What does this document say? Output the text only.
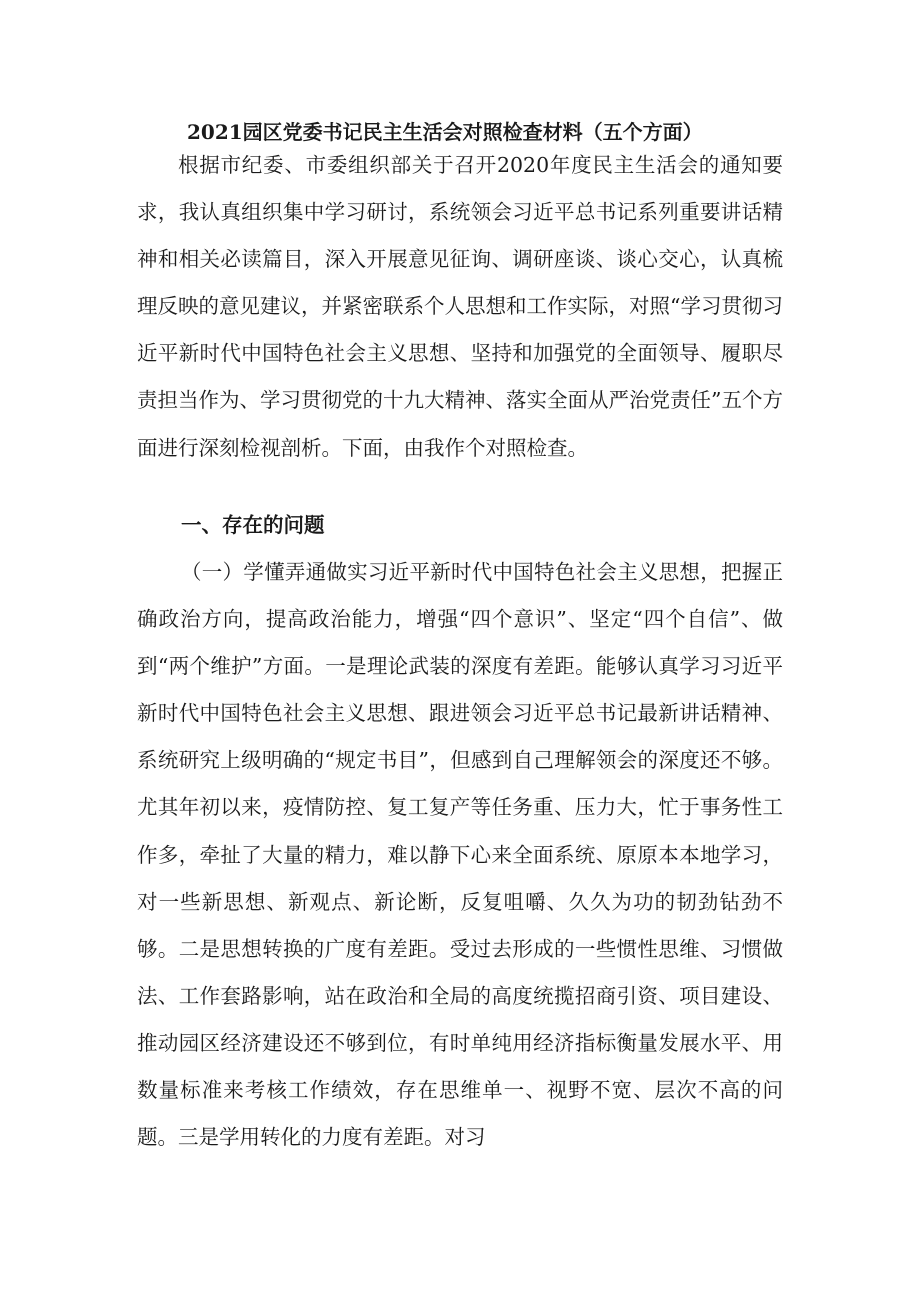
2021园区党委书记民主生活会对照检查材料（五个方面）

根据市纪委、市委组织部关于召开2020年度民主生活会的通知要求，我认真组织集中学习研讨，系统领会习近平总书记系列重要讲话精神和相关必读篇目，深入开展意见征询、调研座谈、谈心交心，认真梳理反映的意见建议，并紧密联系个人思想和工作实际，对照“学习贯彻习近平新时代中国特色社会主义思想、坚持和加强党的全面领导、履职尽责担当作为、学习贯彻党的十九大精神、落实全面从严治党责任”五个方面进行深刻检视剖析。下面，由我作个对照检查。

一、存在的问题

（一）学懂弄通做实习近平新时代中国特色社会主义思想，把握正确政治方向，提高政治能力，增强“四个意识”、坚定“四个自信”、做到“两个维护”方面。一是理论武装的深度有差距。能够认真学习习近平新时代中国特色社会主义思想、跟进领会习近平总书记最新讲话精神、系统研究上级明确的“规定书目”，但感到自己理解领会的深度还不够。尤其年初以来，疫情防控、复工复产等任务重、压力大，忙于事务性工作多，牵扯了大量的精力，难以静下心来全面系统、原原本本地学习，对一些新思想、新观点、新论断，反复咀嚼、久久为功的韧劲钻劲不够。二是思想转换的广度有差距。受过去形成的一些惯性思维、习惯做法、工作套路影响，站在政治和全局的高度统揽招商引资、项目建设、推动园区经济建设还不够到位，有时单纯用经济指标衡量发展水平、用数量标准来考核工作绩效，存在思维单一、视野不宽、层次不高的问题。三是学用转化的力度有差距。对习
